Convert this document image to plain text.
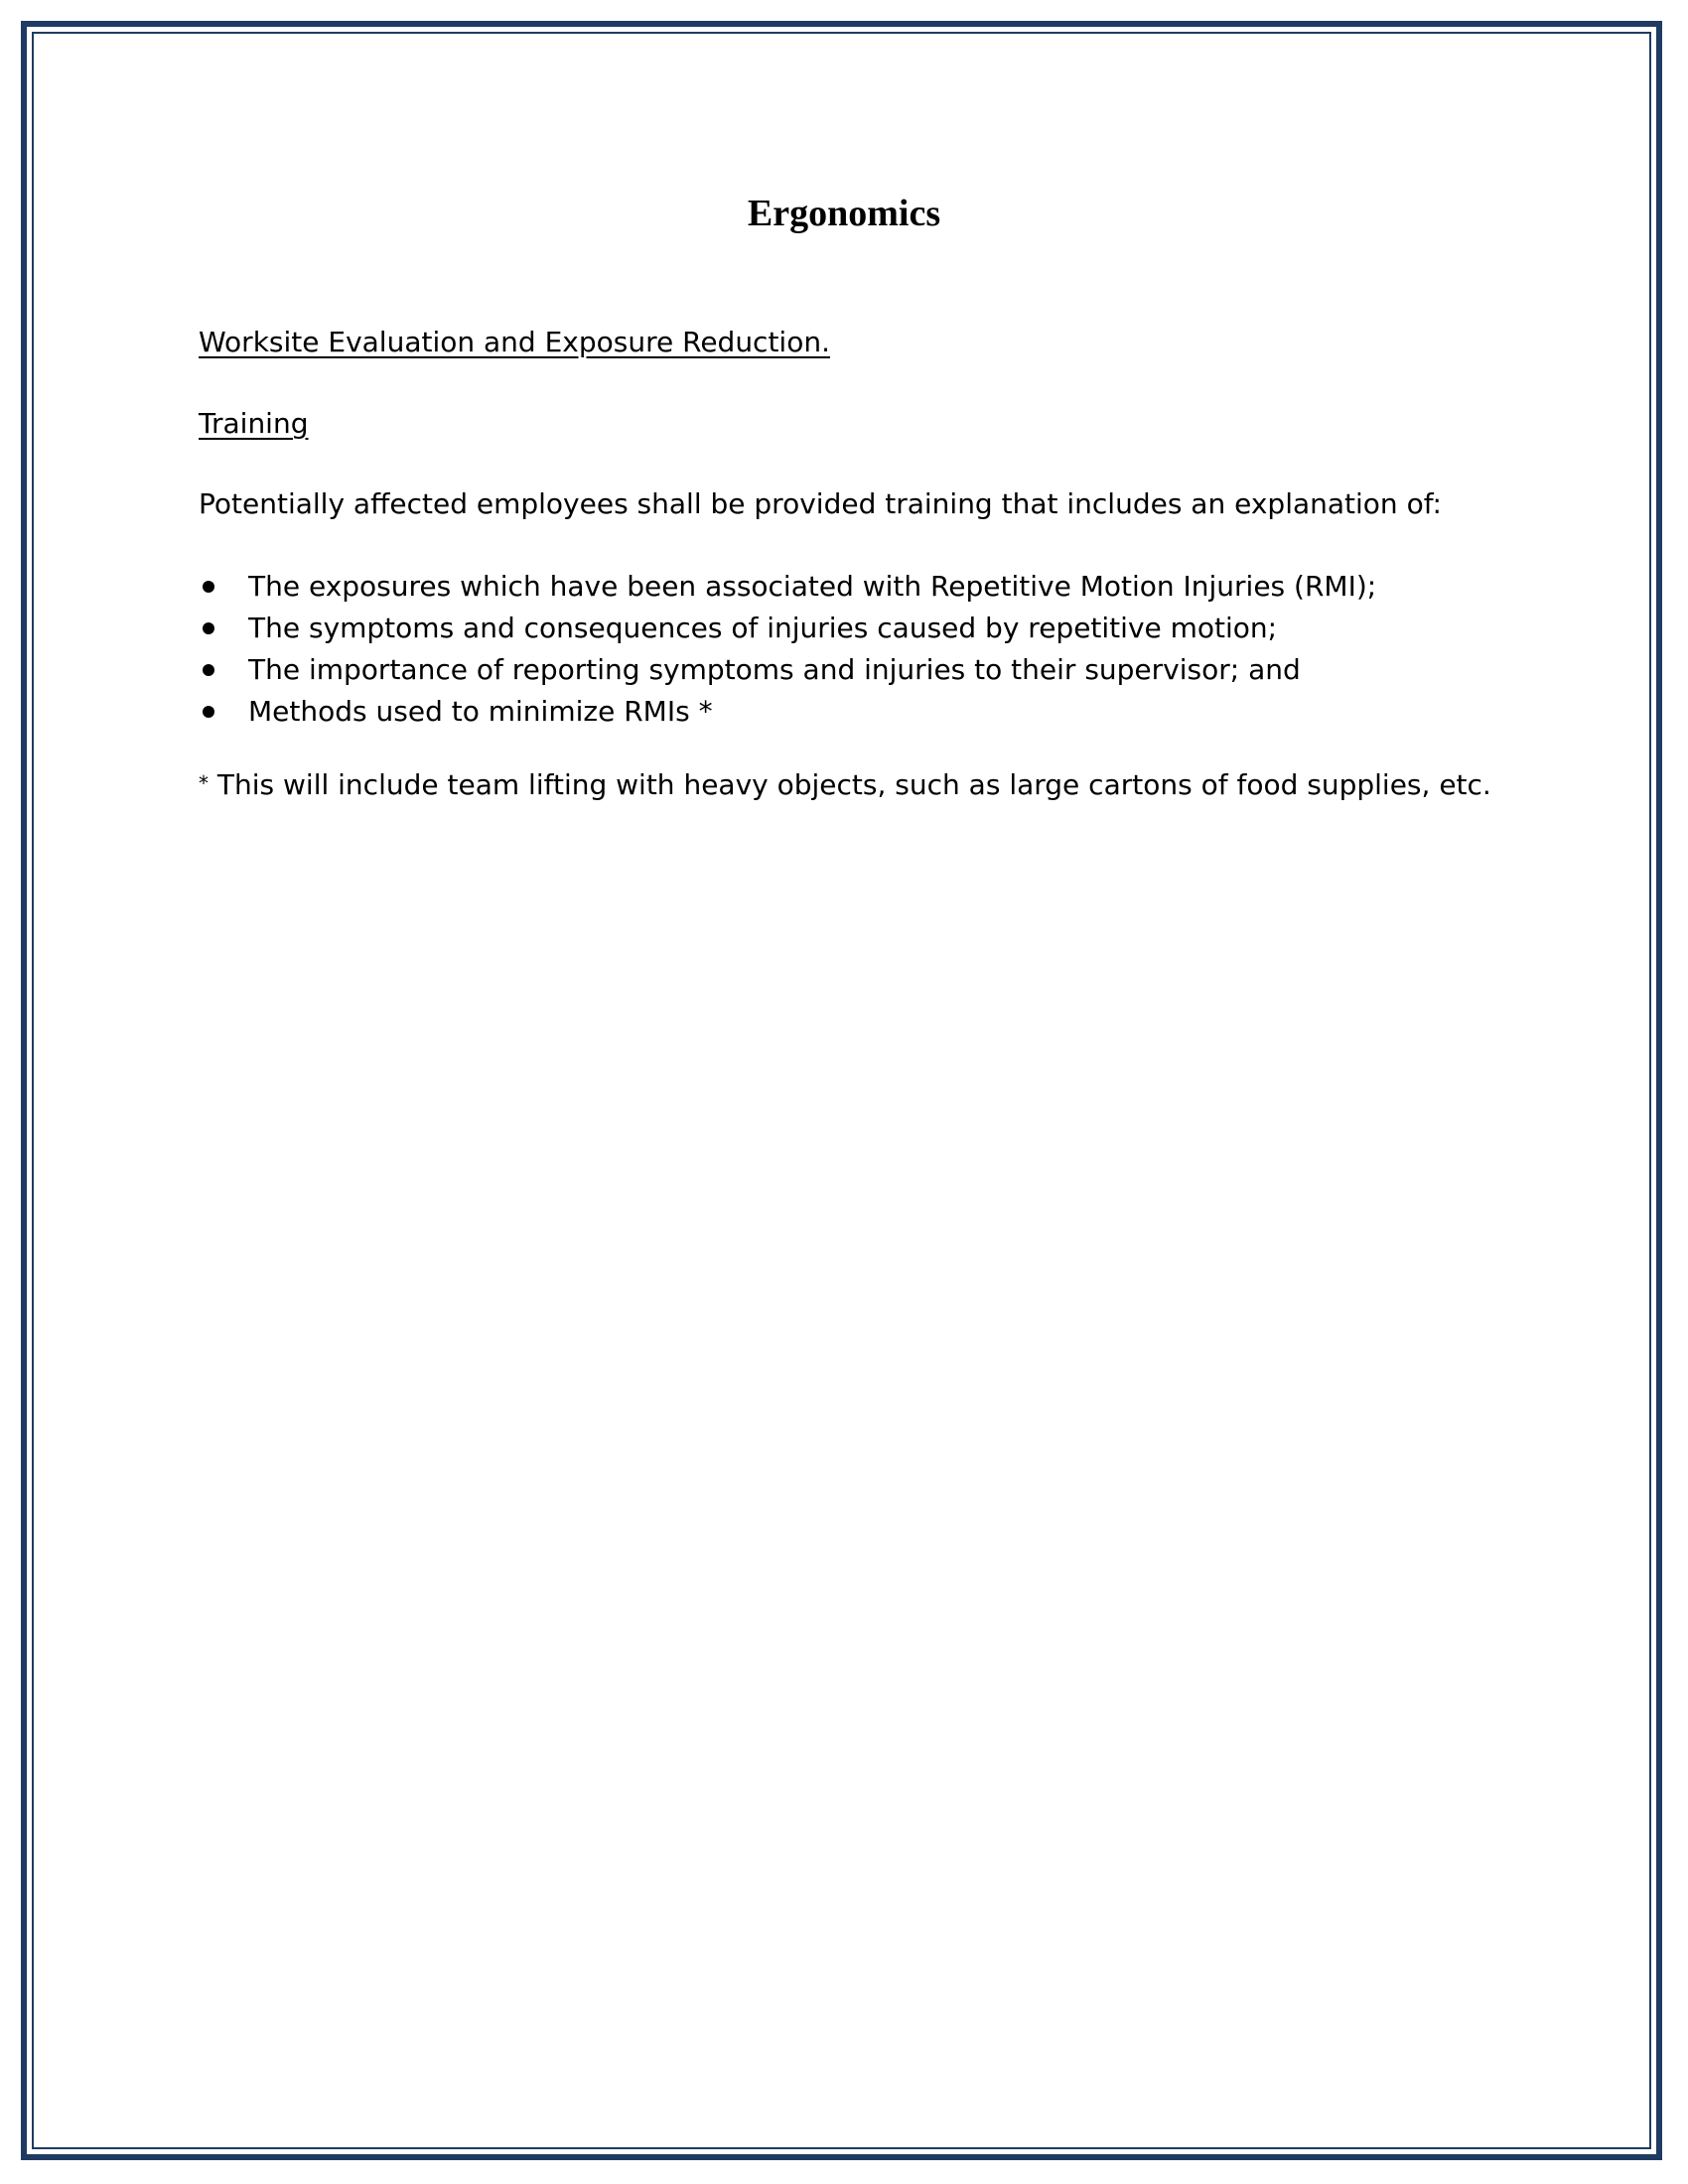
Ergonomics

Worksite Evaluation and Exposure Reduction.

Training

Potentially affected employees shall be provided training that includes an explanation of:

The exposures which have been associated with Repetitive Motion Injuries (RMI);
The symptoms and consequences of injuries caused by repetitive motion;
The importance of reporting symptoms and injuries to their supervisor; and
Methods used to minimize RMIs *

* This will include team lifting with heavy objects, such as large cartons of food supplies, etc.
